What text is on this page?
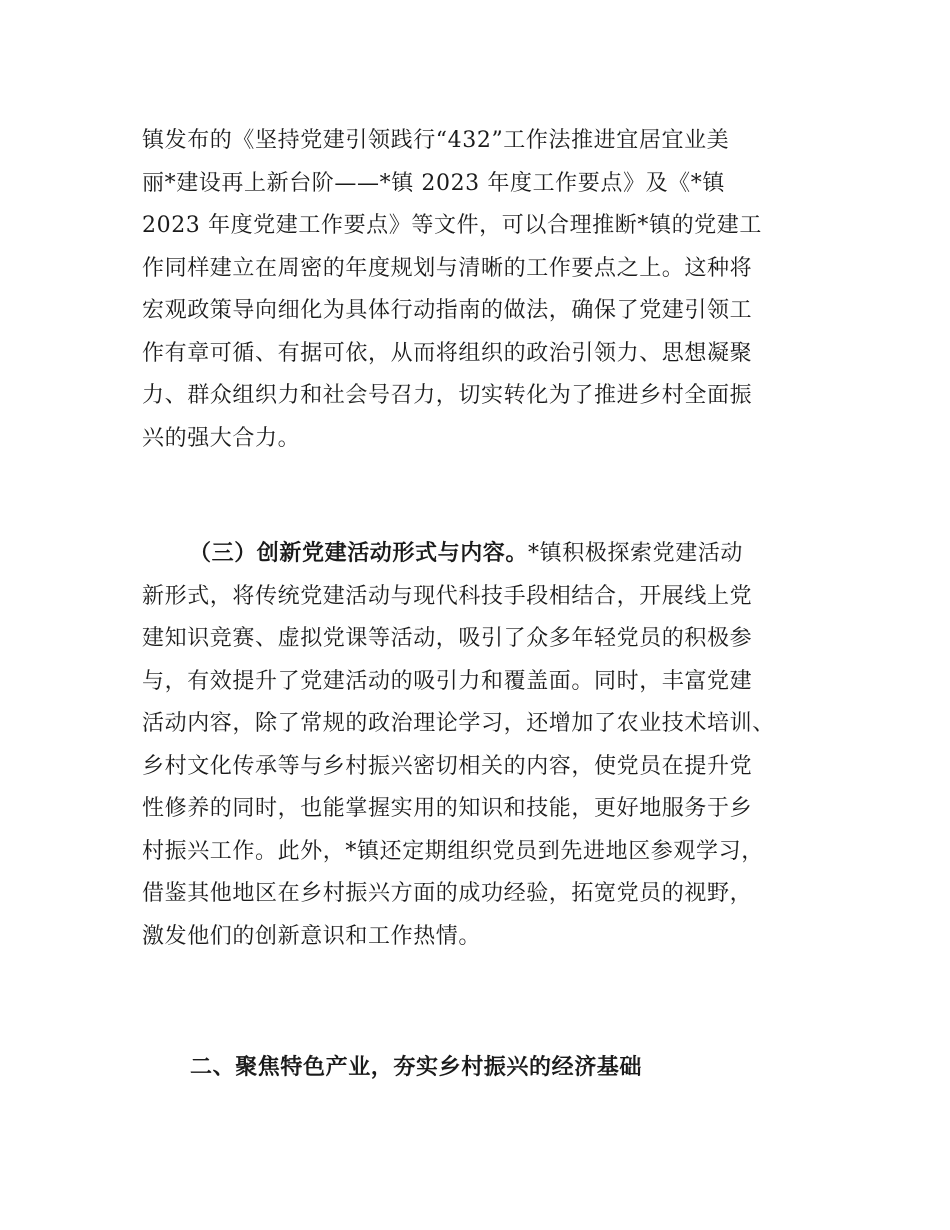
镇发布的《坚持党建引领践行“432”工作法推进宜居宜业美
丽*建设再上新台阶——*镇 2023 年度工作要点》及《*镇
2023 年度党建工作要点》等文件，可以合理推断*镇的党建工
作同样建立在周密的年度规划与清晰的工作要点之上。这种将
宏观政策导向细化为具体行动指南的做法，确保了党建引领工
作有章可循、有据可依，从而将组织的政治引领力、思想凝聚
力、群众组织力和社会号召力，切实转化为了推进乡村全面振
兴的强大合力。
（三）创新党建活动形式与内容。*镇积极探索党建活动
新形式，将传统党建活动与现代科技手段相结合，开展线上党
建知识竞赛、虚拟党课等活动，吸引了众多年轻党员的积极参
与，有效提升了党建活动的吸引力和覆盖面。同时，丰富党建
活动内容，除了常规的政治理论学习，还增加了农业技术培训、
乡村文化传承等与乡村振兴密切相关的内容，使党员在提升党
性修养的同时，也能掌握实用的知识和技能，更好地服务于乡
村振兴工作。此外，*镇还定期组织党员到先进地区参观学习，
借鉴其他地区在乡村振兴方面的成功经验，拓宽党员的视野，
激发他们的创新意识和工作热情。
二、聚焦特色产业，夯实乡村振兴的经济基础
